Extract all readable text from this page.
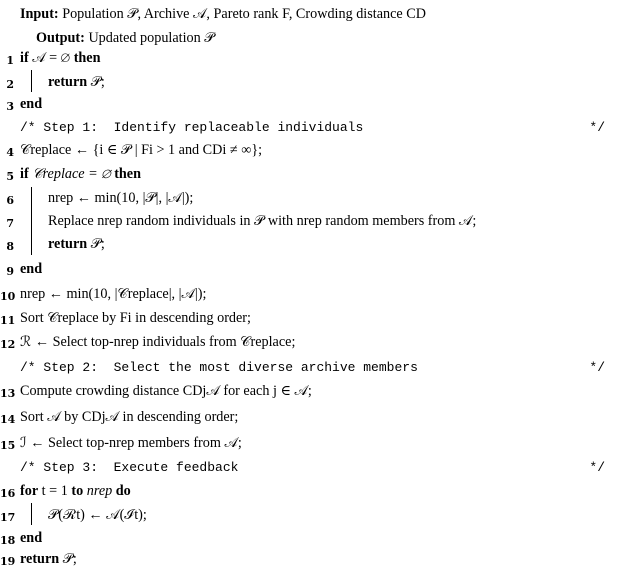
Input: Population 𝒫, Archive 𝒜, Pareto rank F, Crowding distance CD
Output: Updated population 𝒫
1 if 𝒜 = ∅ then
2 return 𝒫;
3 end
/* Step 1:  Identify replaceable individuals	*/
4 𝒞replace ← {i ∈ 𝒫 | Fi > 1 and CDi ≠ ∞};
5 if 𝒞replace = ∅ then
6 nrep ← min(10, |𝒫|, |𝒜|);
7 Replace nrep random individuals in 𝒫 with nrep random members from 𝒜;
8 return 𝒫;
9 end
10 nrep ← min(10, |𝒞replace|, |𝒜|);
11 Sort 𝒞replace by Fi in descending order;
12 ℛ ← Select top-nrep individuals from 𝒞replace;
/* Step 2:  Select the most diverse archive members	*/
13 Compute crowding distance CDj𝒜 for each j ∈ 𝒜;
14 Sort 𝒜 by CDj𝒜 in descending order;
15 ℐ ← Select top-nrep members from 𝒜;
/* Step 3:  Execute feedback	*/
16 for t = 1 to nrep do
17 𝒫(ℛt) ← 𝒜(ℐt);
18 end
19 return 𝒫;
